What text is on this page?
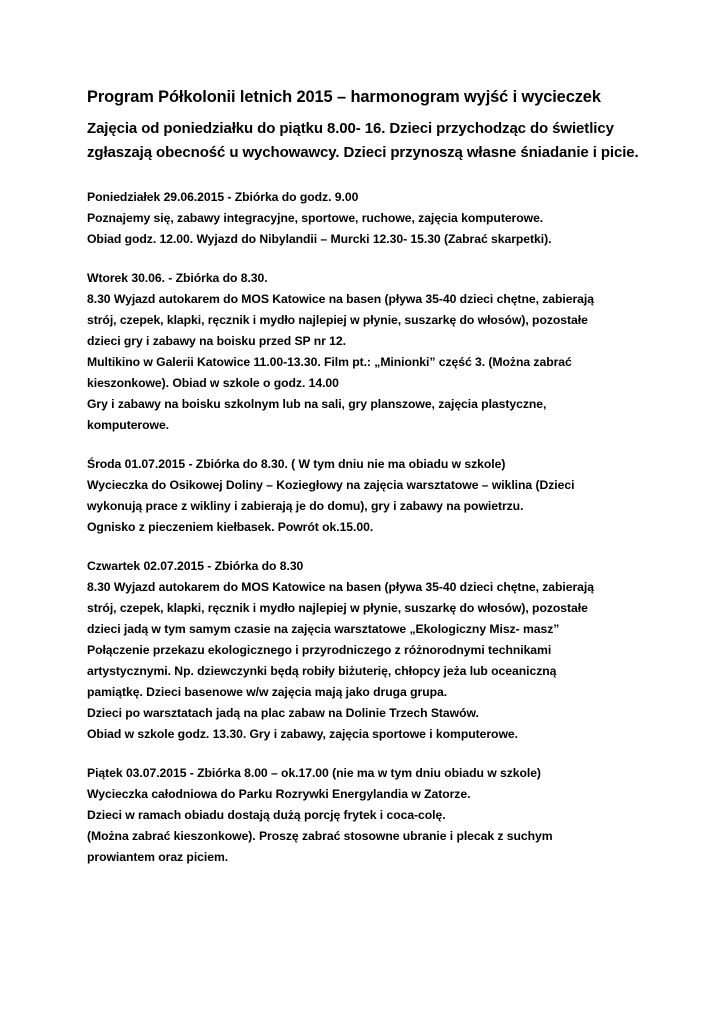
Program Półkolonii letnich 2015 – harmonogram wyjść i wycieczek
Zajęcia od poniedziałku do piątku 8.00- 16. Dzieci przychodząc do świetlicy
zgłaszają obecność u wychowawcy. Dzieci przynoszą własne śniadanie i picie.
Poniedziałek 29.06.2015 - Zbiórka do godz. 9.00
Poznajemy się, zabawy integracyjne, sportowe, ruchowe, zajęcia komputerowe.
Obiad godz. 12.00. Wyjazd do Nibylandii – Murcki 12.30- 15.30 (Zabrać skarpetki).
Wtorek 30.06. - Zbiórka do 8.30.
8.30 Wyjazd autokarem do MOS Katowice na basen (pływa 35-40 dzieci chętne, zabierają
strój, czepek, klapki, ręcznik i mydło najlepiej w płynie, suszarkę do włosów), pozostałe
dzieci gry i zabawy na boisku przed SP nr 12.
Multikino w Galerii Katowice 11.00-13.30. Film pt.: „Minionki” część 3. (Można zabrać
kieszonkowe). Obiad w szkole o godz. 14.00
Gry i zabawy na boisku szkolnym lub na sali, gry planszowe, zajęcia plastyczne,
komputerowe.
Środa 01.07.2015 - Zbiórka do 8.30. ( W tym dniu nie ma obiadu w szkole)
Wycieczka do Osikowej Doliny – Koziegłowy na zajęcia warsztatowe – wiklina (Dzieci
wykonują prace z wikliny i zabierają je do domu), gry i zabawy na powietrzu.
Ognisko z pieczeniem kiełbasek. Powrót ok.15.00.
Czwartek 02.07.2015 - Zbiórka do 8.30
8.30 Wyjazd autokarem do MOS Katowice na basen (pływa 35-40 dzieci chętne, zabierają
strój, czepek, klapki, ręcznik i mydło najlepiej w płynie, suszarkę do włosów), pozostałe
dzieci jadą w tym samym czasie na zajęcia warsztatowe „Ekologiczny Misz- masz”
Połączenie przekazu ekologicznego i przyrodniczego z różnorodnymi technikami
artystycznymi. Np. dziewczynki będą robiły biżuterię, chłopcy jeża lub oceaniczną
pamiątkę. Dzieci basenowe w/w zajęcia mają jako druga grupa.
Dzieci po warsztatach jadą na plac zabaw na Dolinie Trzech Stawów.
Obiad w szkole godz. 13.30. Gry i zabawy, zajęcia sportowe i komputerowe.
Piątek 03.07.2015 - Zbiórka 8.00 – ok.17.00 (nie ma w tym dniu obiadu w szkole)
Wycieczka całodniowa do Parku Rozrywki Energylandia w Zatorze.
Dzieci w ramach obiadu dostają dużą porcję frytek i coca-colę.
(Można zabrać kieszonkowe). Proszę zabrać stosowne ubranie i plecak z suchym
prowiantem oraz piciem.
